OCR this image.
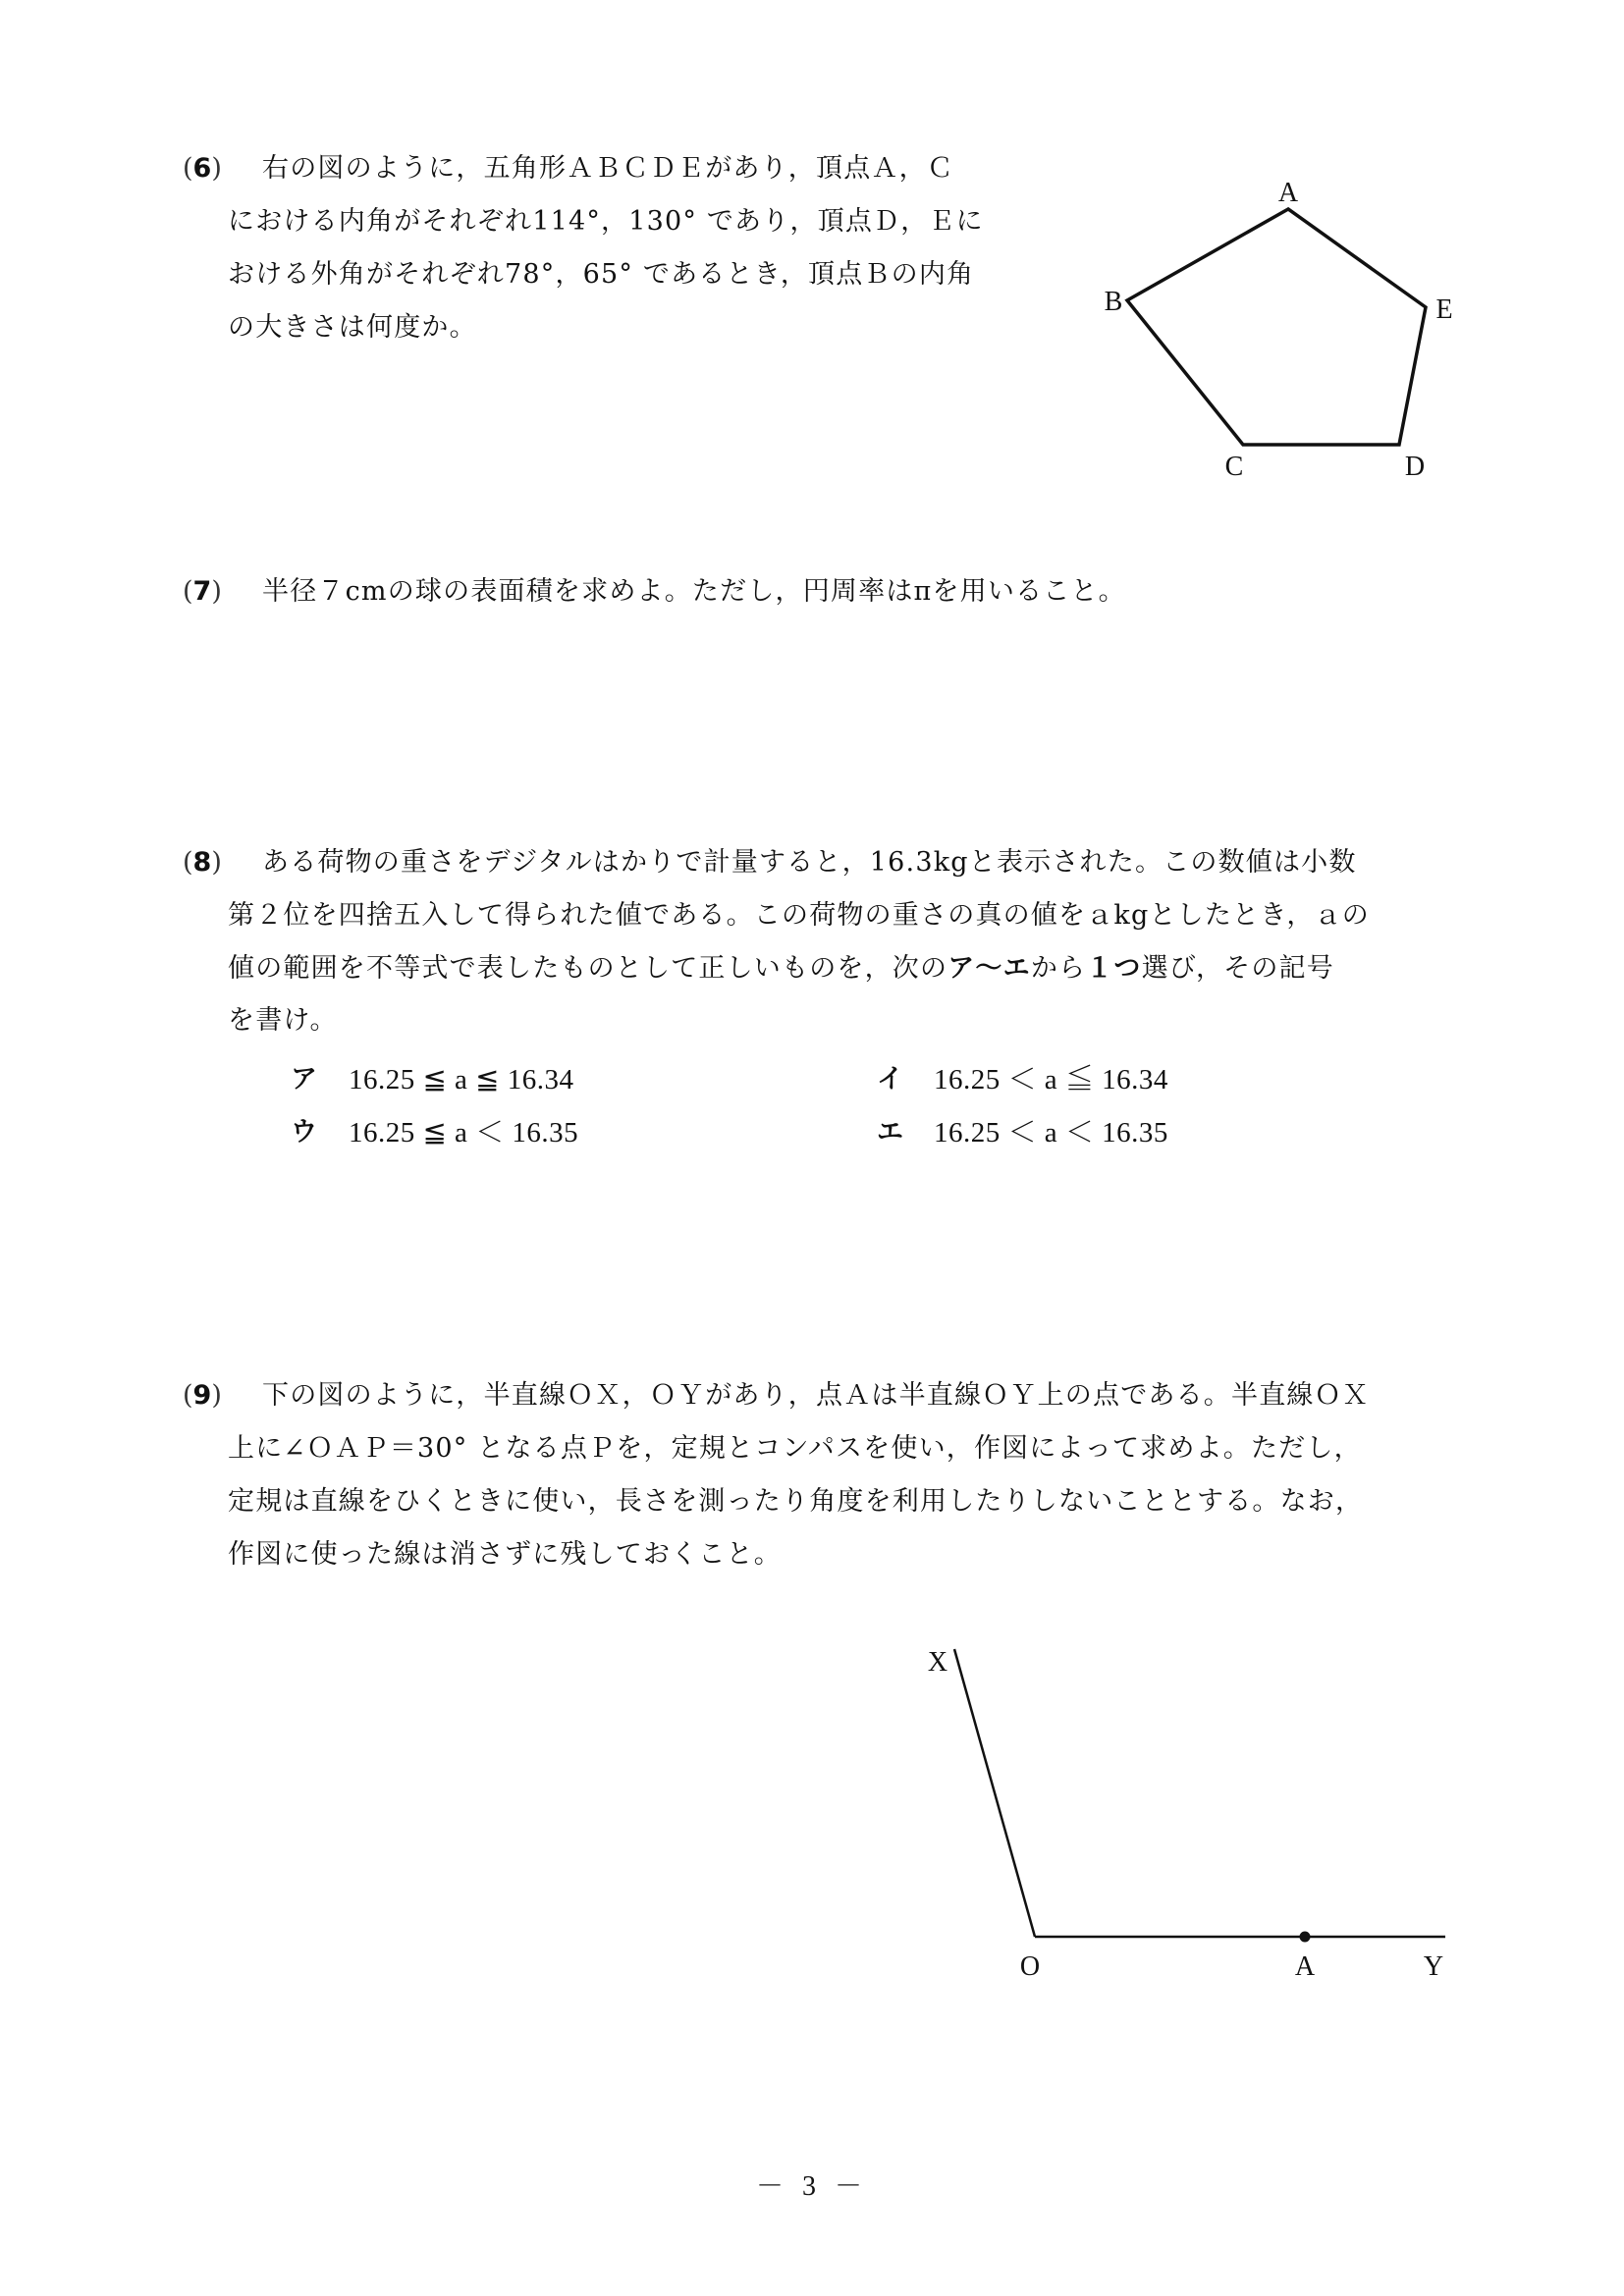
(6) 右の図のように，五角形ＡＢＣＤＥがあり，頂点Ａ，Ｃ
における内角がそれぞれ114°，130° であり，頂点Ｄ，Ｅに
おける外角がそれぞれ78°，65° であるとき，頂点Ｂの内角
の大きさは何度か。
(7) 半径７cmの球の表面積を求めよ。ただし，円周率はπを用いること。
(8) ある荷物の重さをデジタルはかりで計量すると，16.3kgと表示された。この数値は小数
第２位を四捨五入して得られた値である。この荷物の重さの真の値をａkgとしたとき，ａの
値の範囲を不等式で表したものとして正しいものを，次のア～エから１つ選び，その記号
を書け。
ア 16.25 ≦ a ≦ 16.34	イ 16.25 ＜ a ≦ 16.34
ウ 16.25 ≦ a ＜ 16.35	エ 16.25 ＜ a ＜ 16.35
(9) 下の図のように，半直線ＯＸ，ＯＹがあり，点Ａは半直線ＯＹ上の点である。半直線ＯＸ
上に∠ＯＡＰ＝30° となる点Ｐを，定規とコンパスを使い，作図によって求めよ。ただし，
定規は直線をひくときに使い，長さを測ったり角度を利用したりしないこととする。なお，
作図に使った線は消さずに残しておくこと。
A
B
C	D
E
X
O	A	Y
－ 3 －
